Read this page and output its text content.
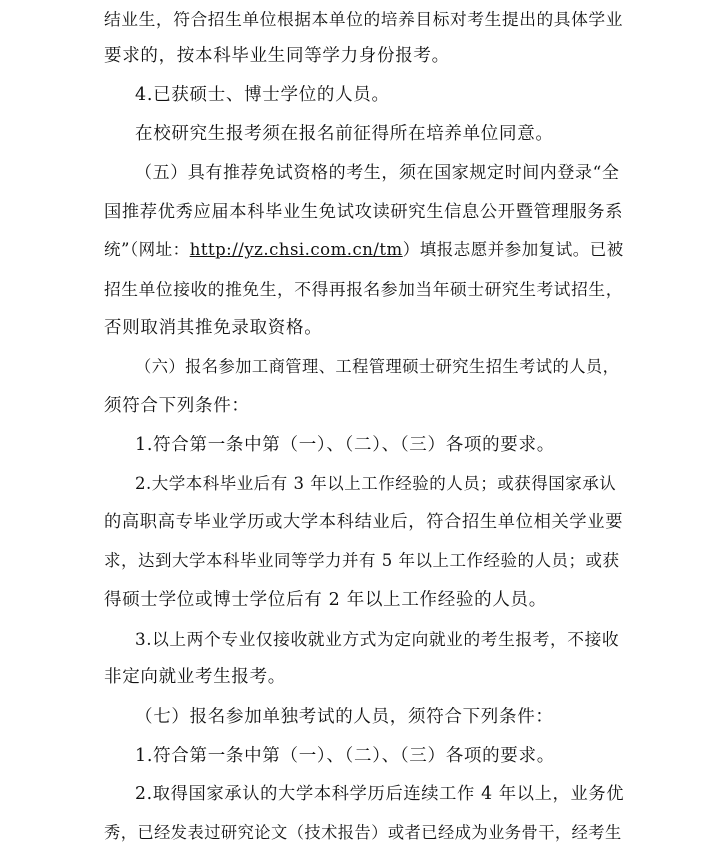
结业生，符合招生单位根据本单位的培养目标对考生提出的具体学业
要求的，按本科毕业生同等学力身份报考。
4.已获硕士、博士学位的人员。
在校研究生报考须在报名前征得所在培养单位同意。
（五）具有推荐免试资格的考生，须在国家规定时间内登录“全
国推荐优秀应届本科毕业生免试攻读研究生信息公开暨管理服务系
统”（网址：http://yz.chsi.com.cn/tm）填报志愿并参加复试。已被
招生单位接收的推免生，不得再报名参加当年硕士研究生考试招生，
否则取消其推免录取资格。
（六）报名参加工商管理、工程管理硕士研究生招生考试的人员，
须符合下列条件：
1.符合第一条中第（一）、（二）、（三）各项的要求。
2.大学本科毕业后有 3 年以上工作经验的人员；或获得国家承认
的高职高专毕业学历或大学本科结业后，符合招生单位相关学业要
求，达到大学本科毕业同等学力并有 5 年以上工作经验的人员；或获
得硕士学位或博士学位后有 2 年以上工作经验的人员。
3.以上两个专业仅接收就业方式为定向就业的考生报考，不接收
非定向就业考生报考。
（七）报名参加单独考试的人员，须符合下列条件：
1.符合第一条中第（一）、（二）、（三）各项的要求。
2.取得国家承认的大学本科学历后连续工作 4 年以上，业务优
秀，已经发表过研究论文（技术报告）或者已经成为业务骨干，经考生
